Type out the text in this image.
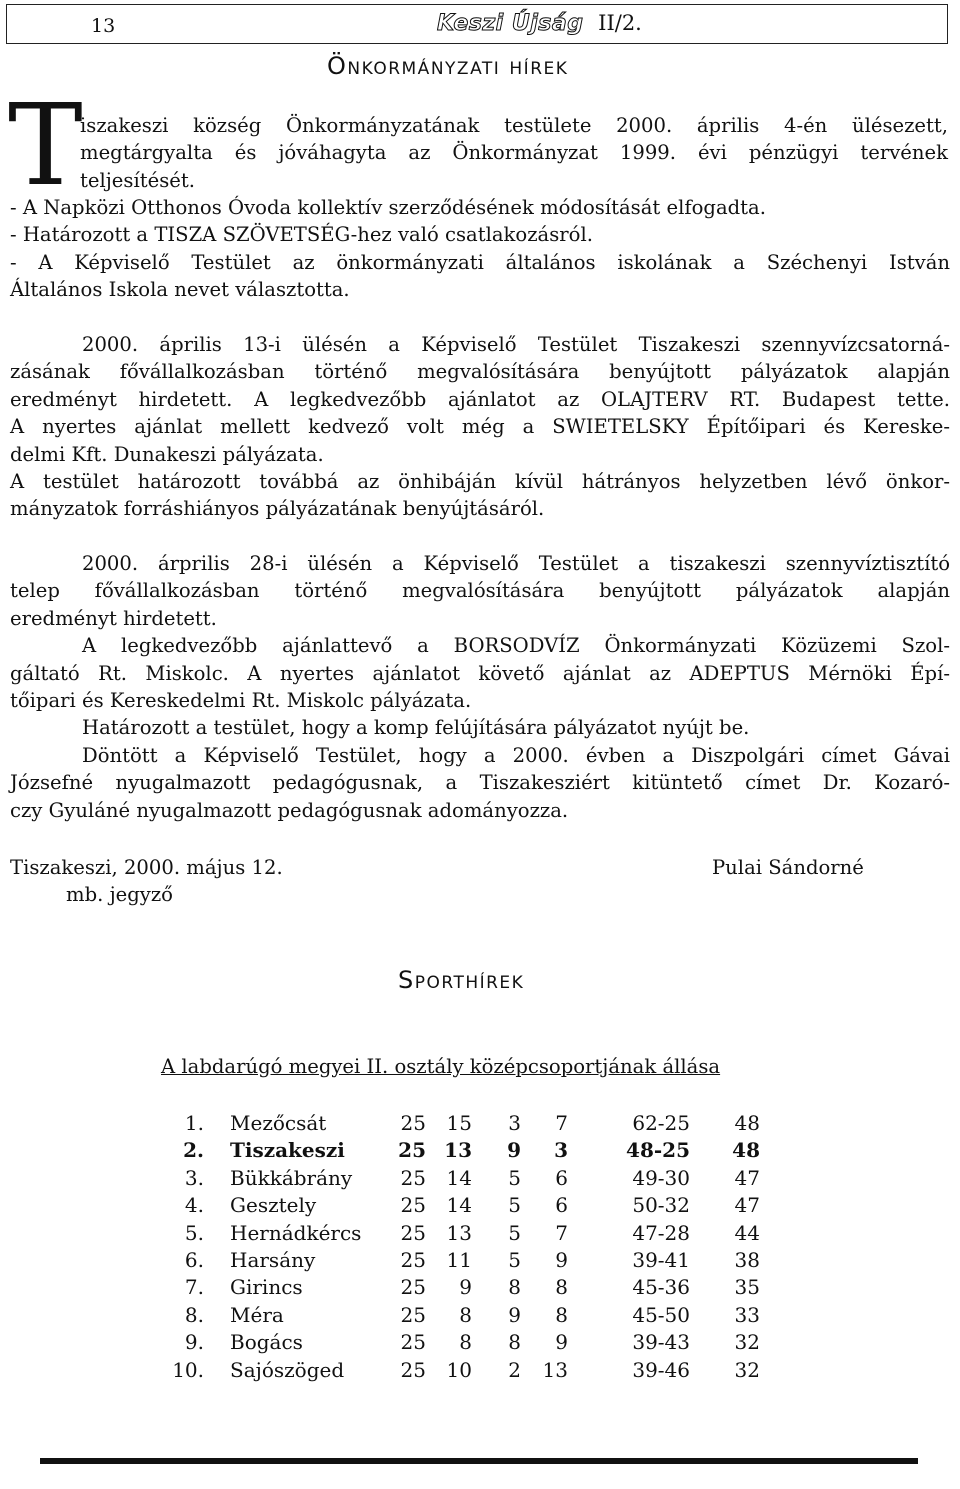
13	Keszi Újság II/2.
Önkormányzati hírek
T
iszakeszi község Önkormányzatának testülete 2000. április 4-én ülésezett,
megtárgyalta és jóváhagyta az Önkormányzat 1999. évi pénzügyi tervének
teljesítését.
- A Napközi Otthonos Óvoda kollektív szerződésének módosítását elfogadta.
- Határozott a TISZA SZÖVETSÉG-hez való csatlakozásról.
- A Képviselő Testület az önkormányzati általános iskolának a Széchenyi István
Általános Iskola nevet választotta.
2000. április 13-i ülésén a Képviselő Testület Tiszakeszi szennyvízcsatorná-
zásának fővállalkozásban történő megvalósítására benyújtott pályázatok alapján
eredményt hirdetett. A legkedvezőbb ajánlatot az OLAJTERV RT. Budapest tette.
A nyertes ajánlat mellett kedvező volt még a SWIETELSKY Építőipari és Kereske-
delmi Kft. Dunakeszi pályázata.
A testület határozott továbbá az önhibáján kívül hátrányos helyzetben lévő önkor-
mányzatok forráshiányos pályázatának benyújtásáról.
2000. árprilis 28-i ülésén a Képviselő Testület a tiszakeszi szennyvíztisztító
telep fővállalkozásban történő megvalósítására benyújtott pályázatok alapján
eredményt hirdetett.
A legkedvezőbb ajánlattevő a BORSODVÍZ Önkormányzati Közüzemi Szol-
gáltató Rt. Miskolc. A nyertes ajánlatot követő ajánlat az ADEPTUS Mérnöki Épí-
tőipari és Kereskedelmi Rt. Miskolc pályázata.
Határozott a testület, hogy a komp felújítására pályázatot nyújt be.
Döntött a Képviselő Testület, hogy a 2000. évben a Diszpolgári címet Gávai
Józsefné nyugalmazott pedagógusnak, a Tiszakesziért kitüntető címet Dr. Kozaró-
czy Gyuláné nyugalmazott pedagógusnak adományozza.
Tiszakeszi, 2000. május 12.	Pulai Sándorné
mb. jegyző
Sporthírek
A labdarúgó megyei II. osztály középcsoportjának állása
1. Mezőcsát	25	15	3	7	62-25	48
2. Tiszakeszi	25 13	9	3	48-25	48
3. Bükkábrány	25	14	5	6	49-30	47
4. Gesztely	25	14	5	6	50-32	47
5. Hernádkércs	25	13	5	7	47-28	44
6. Harsány	25	11	5	9	39-41	38
7. Girincs	25	9	8	8	45-36	35
8. Méra	25	8	9	8	45-50	33
9. Bogács	25	8	8	9	39-43	32
10. Sajószöged	25	10	2	13	39-46	32
